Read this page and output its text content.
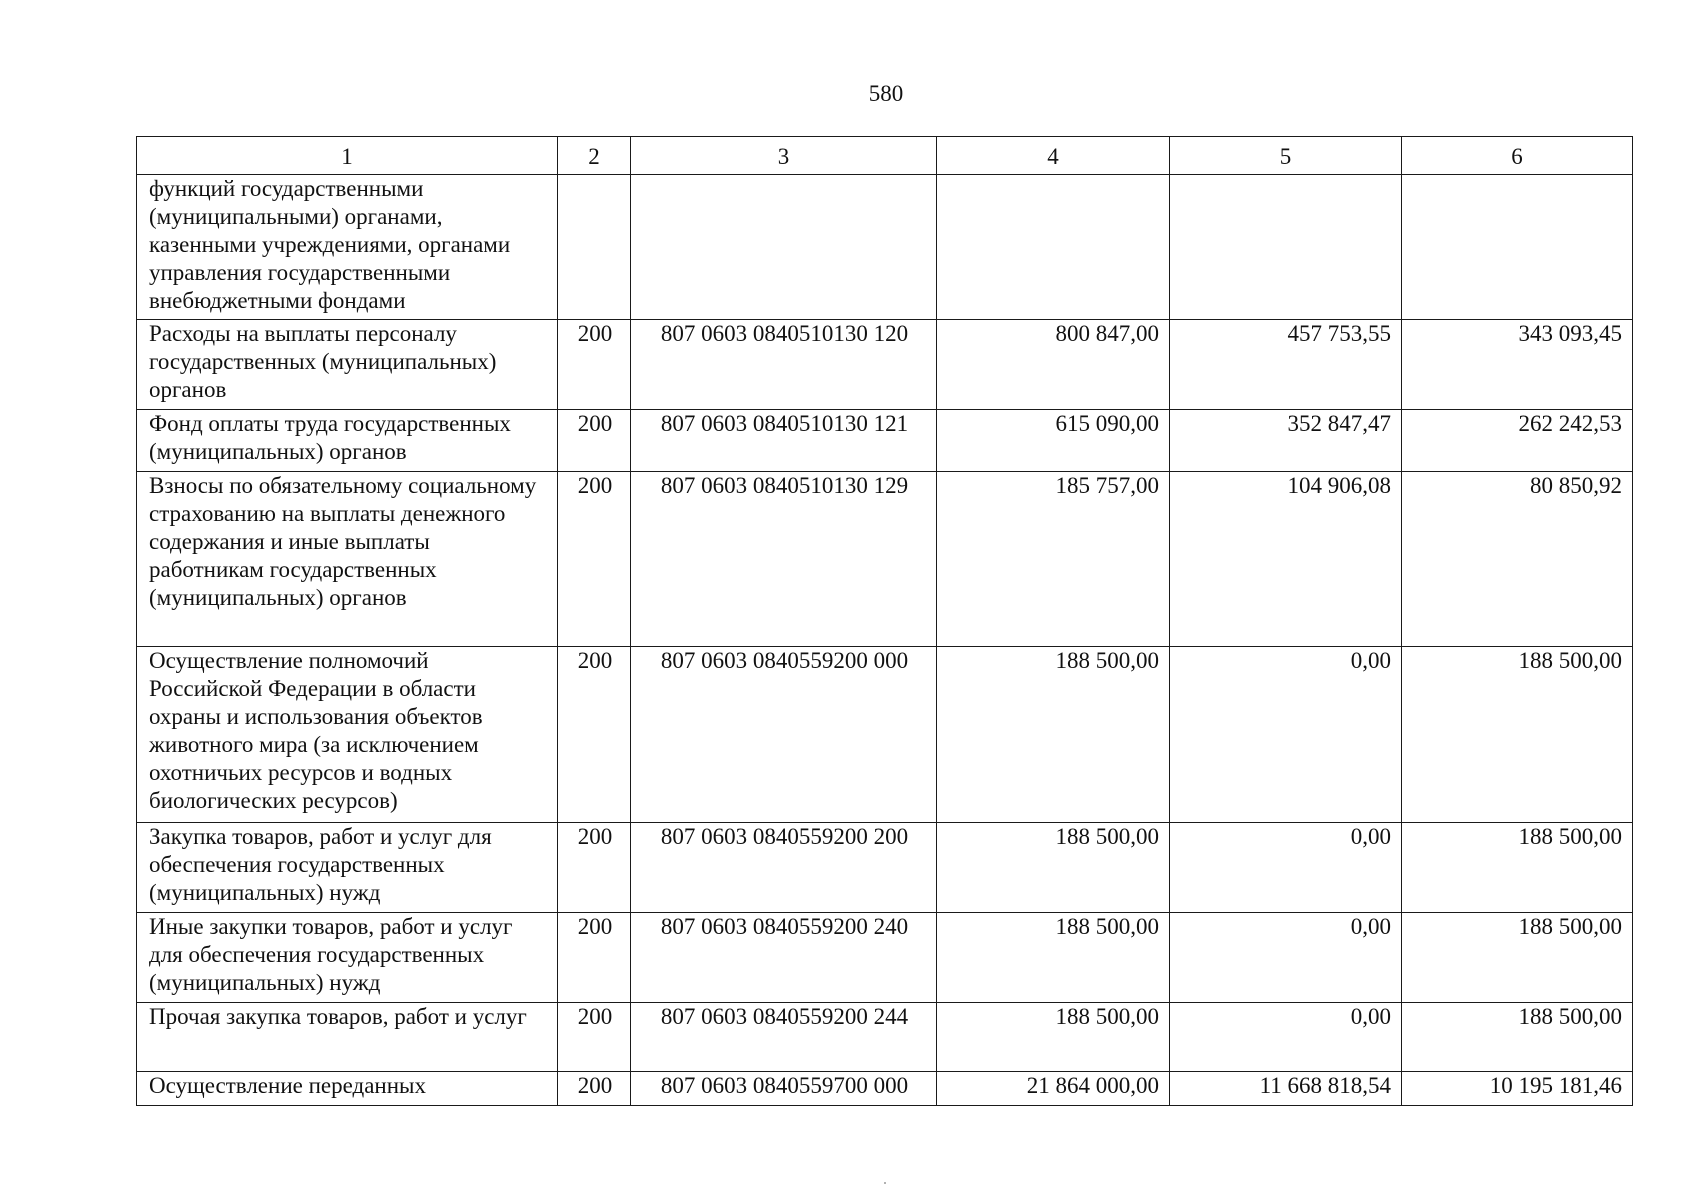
580
1	2	3	4	5	6
функций государственными (муниципальными) органами, казенными учреждениями, органами управления государственными внебюджетными фондами					
Расходы на выплаты персоналу государственных (муниципальных) органов	200	807 0603 0840510130 120	800 847,00	457 753,55	343 093,45
Фонд оплаты труда государственных (муниципальных) органов	200	807 0603 0840510130 121	615 090,00	352 847,47	262 242,53
Взносы по обязательному социальному страхованию на выплаты денежного содержания и иные выплаты работникам государственных (муниципальных) органов	200	807 0603 0840510130 129	185 757,00	104 906,08	80 850,92
Осуществление полномочий Российской Федерации в области охраны и использования объектов животного мира (за исключением охотничьих ресурсов и водных биологических ресурсов)	200	807 0603 0840559200 000	188 500,00	0,00	188 500,00
Закупка товаров, работ и услуг для обеспечения государственных (муниципальных) нужд	200	807 0603 0840559200 200	188 500,00	0,00	188 500,00
Иные закупки товаров, работ и услуг для обеспечения государственных (муниципальных) нужд	200	807 0603 0840559200 240	188 500,00	0,00	188 500,00
Прочая закупка товаров, работ и услуг	200	807 0603 0840559200 244	188 500,00	0,00	188 500,00
Осуществление переданных	200	807 0603 0840559700 000	21 864 000,00	11 668 818,54	10 195 181,46
